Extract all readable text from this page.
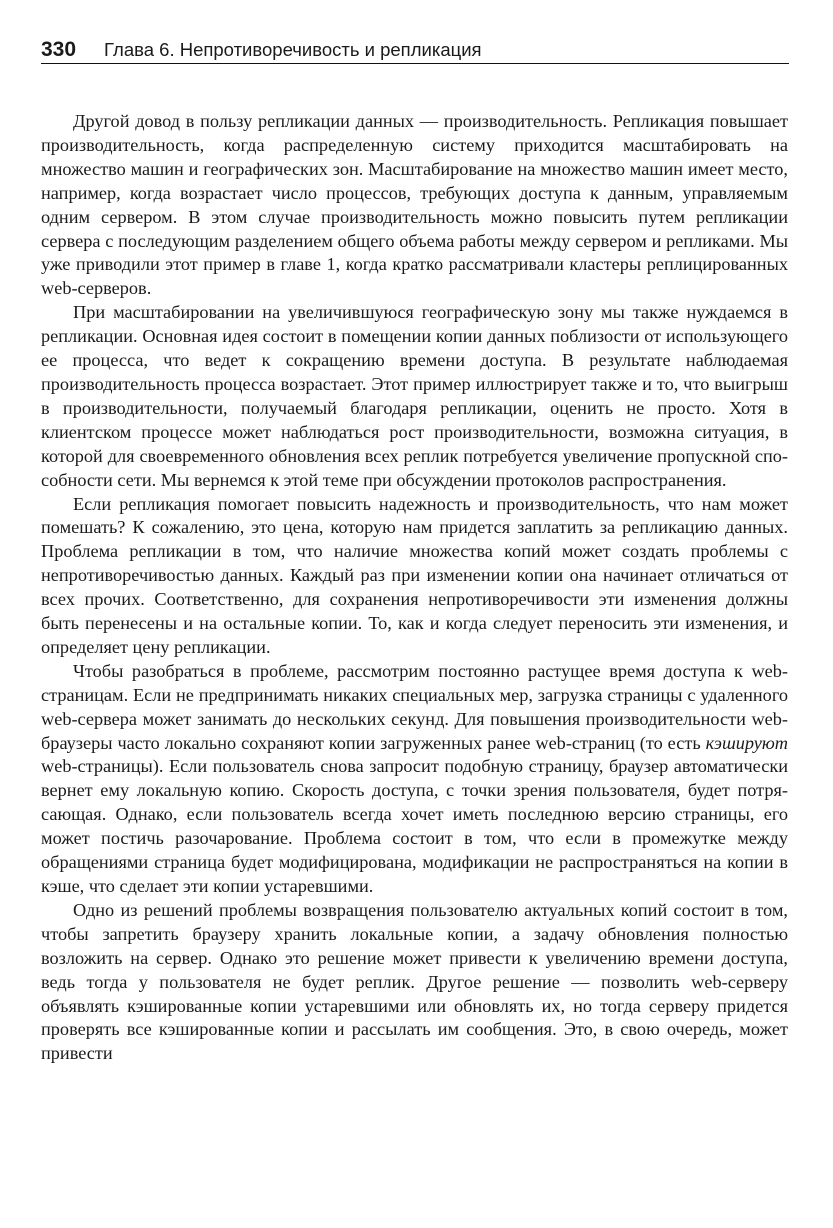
330 Глава 6. Непротиворечивость и репликация

Другой довод в пользу репликации данных — производительность. Репликация повышает производительность, когда распределенную систему приходится масштабировать на множество машин и географических зон. Масштабирование на множество машин имеет место, например, когда возрастает число процессов, требующих доступа к данным, управляемым одним сервером. В этом случае производительность можно повысить путем репликации сервера с последующим разделением общего объема работы между сервером и репликами. Мы уже приводили этот пример в главе 1, когда кратко рассматривали кластеры реплицированных web-серверов.

При масштабировании на увеличившуюся географическую зону мы также нуждаемся в репликации. Основная идея состоит в помещении копии данных поблизости от использующего ее процесса, что ведет к сокращению времени доступа. В результате наблюдаемая производительность процесса возрастает. Этот пример иллюстрирует также и то, что выигрыш в производительности, получаемый благодаря репликации, оценить не просто. Хотя в клиентском процессе может наблюдаться рост производительности, возможна ситуация, в которой для своевременного обновления всех реплик потребуется увеличение пропускной способности сети. Мы вернемся к этой теме при обсуждении протоколов распространения.

Если репликация помогает повысить надежность и производительность, что нам может помешать? К сожалению, это цена, которую нам придется заплатить за репликацию данных. Проблема репликации в том, что наличие множества копий может создать проблемы с непротиворечивостью данных. Каждый раз при изменении копии она начинает отличаться от всех прочих. Соответственно, для сохранения непротиворечивости эти изменения должны быть перенесены и на остальные копии. То, как и когда следует переносить эти изменения, и определяет цену репликации.

Чтобы разобраться в проблеме, рассмотрим постоянно растущее время доступа к web-страницам. Если не предпринимать никаких специальных мер, загрузка страницы с удаленного web-сервера может занимать до нескольких секунд. Для повышения производительности web-браузеры часто локально сохраняют копии загруженных ранее web-страниц (то есть кэшируют web-страницы). Если пользователь снова запросит подобную страницу, браузер автоматически вернет ему локальную копию. Скорость доступа, с точки зрения пользователя, будет потрясающая. Однако, если пользователь всегда хочет иметь последнюю версию страницы, его может постичь разочарование. Проблема состоит в том, что если в промежутке между обращениями страница будет модифицирована, модификации не распространяться на копии в кэше, что сделает эти копии устаревшими.

Одно из решений проблемы возвращения пользователю актуальных копий состоит в том, чтобы запретить браузеру хранить локальные копии, а задачу обновления полностью возложить на сервер. Однако это решение может привести к увеличению времени доступа, ведь тогда у пользователя не будет реплик. Другое решение — позволить web-серверу объявлять кэшированные копии устаревшими или обновлять их, но тогда серверу придется проверять все кэшированные копии и рассылать им сообщения. Это, в свою очередь, может привести
